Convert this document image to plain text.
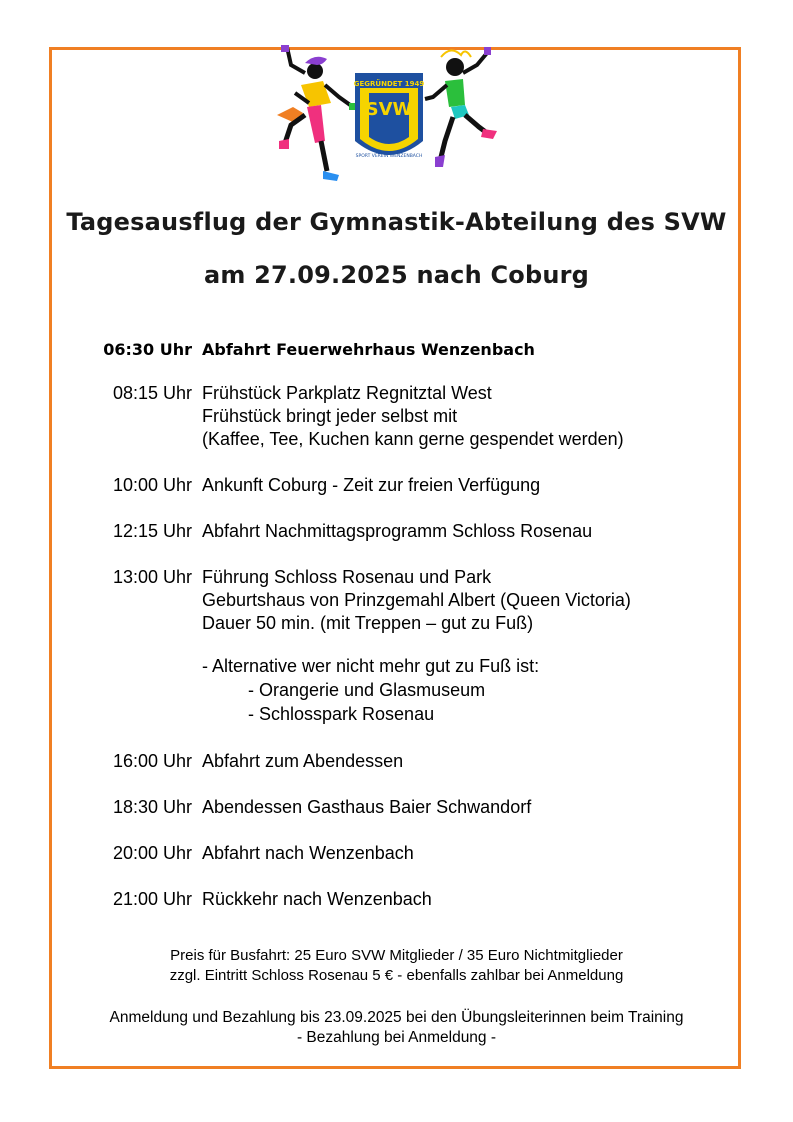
GEGRÜNDET 1949
SVW
SPORT VEREIN WENZENBACH
Tagesausflug der Gymnastik-Abteilung des SVW
am 27.09.2025 nach Coburg
06:30 Uhr Abfahrt Feuerwehrhaus Wenzenbach
08:15 Uhr Frühstück Parkplatz Regnitztal West
Frühstück bringt jeder selbst mit
(Kaffee, Tee, Kuchen kann gerne gespendet werden)
10:00 Uhr Ankunft Coburg - Zeit zur freien Verfügung
12:15 Uhr Abfahrt Nachmittagsprogramm Schloss Rosenau
13:00 Uhr Führung Schloss Rosenau und Park
Geburtshaus von Prinzgemahl Albert (Queen Victoria)
Dauer 50 min. (mit Treppen – gut zu Fuß)
- Alternative wer nicht mehr gut zu Fuß ist:
- Orangerie und Glasmuseum
- Schlosspark Rosenau
16:00 Uhr Abfahrt zum Abendessen
18:30 Uhr Abendessen Gasthaus Baier Schwandorf
20:00 Uhr Abfahrt nach Wenzenbach
21:00 Uhr Rückkehr nach Wenzenbach
Preis für Busfahrt: 25 Euro SVW Mitglieder / 35 Euro Nichtmitglieder
zzgl. Eintritt Schloss Rosenau 5 € - ebenfalls zahlbar bei Anmeldung
Anmeldung und Bezahlung bis 23.09.2025 bei den Übungsleiterinnen beim Training
- Bezahlung bei Anmeldung -
